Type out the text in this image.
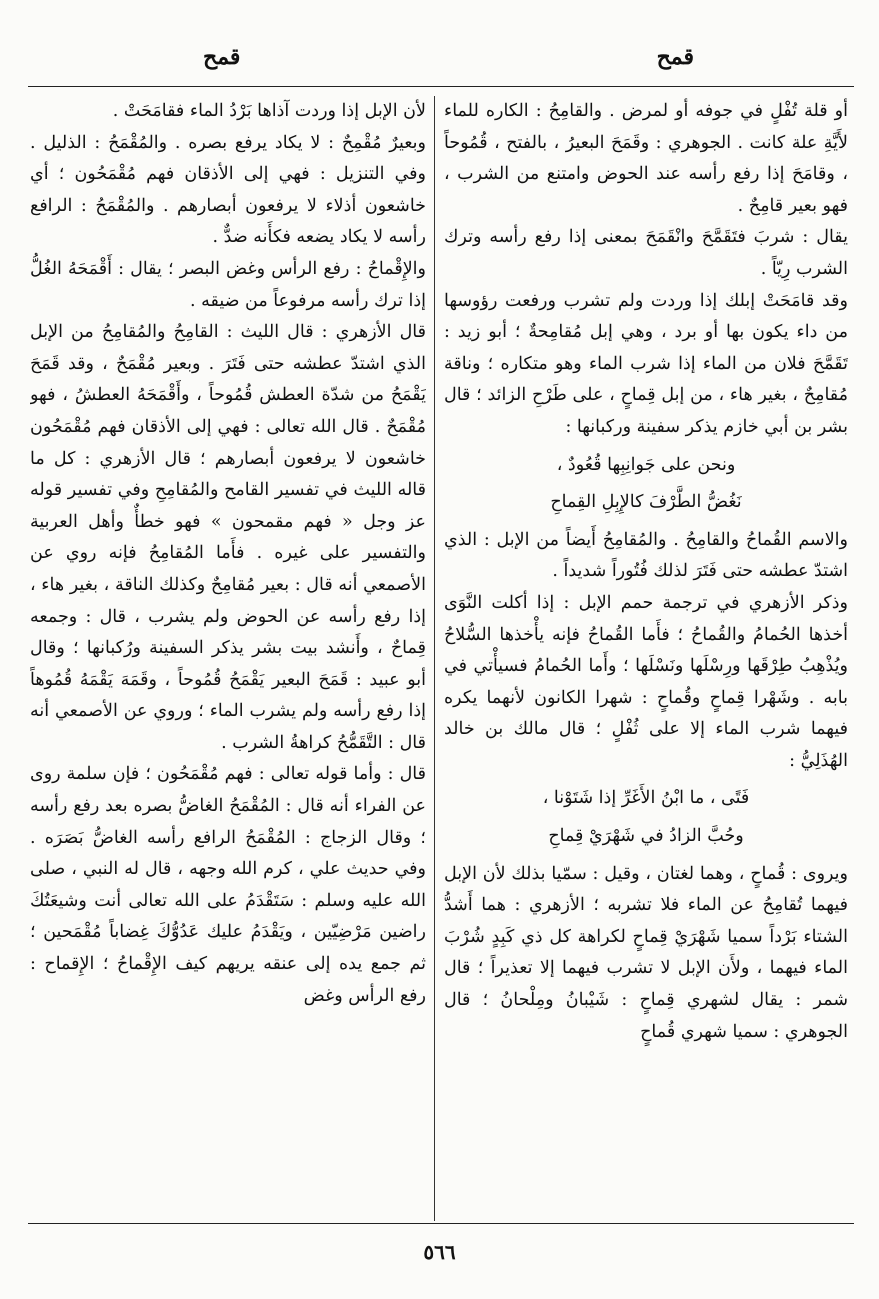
قمح
قمح

أو قلة تُفْلٍ في جوفه أو لمرض . والقامِحُ : الكاره للماء لأَيَّةِ علة كانت . الجوهري : وقَمَحَ البعيرُ ، بالفتح ، قُمُوحاً ، وقامَحَ إذا رفع رأسه عند الحوض وامتنع من الشرب ، فهو بعير قامِحٌ .

يقال : شربَ فتَقَمَّحَ وانْقَمَحَ بمعنى إذا رفع رأسه وترك الشرب رِيّاً .

وقد قامَحَتْ إبلك إذا وردت ولم تشرب ورفعت رؤوسها من داء يكون بها أو برد ، وهي إبل مُقامِحةٌ ؛ أبو زيد : تَقَمَّحَ فلان من الماء إذا شرب الماء وهو متكاره ؛ وناقة مُقامِحٌ ، بغير هاء ، من إبل قِماحٍ ، على طَرْحِ الزائد ؛ قال بشر بن أبي خازم يذكر سفينة وركبانها :

ونحن على جَوانِبِها قُعُودٌ ،

نَغُضُّ الطَّرْفَ كالإِبِلِ القِماحِ

والاسم القُماحُ والقامِحُ . والمُقامِحُ أَيضاً من الإبل : الذي اشتدّ عطشه حتى فَتَرَ لذلك فُتُوراً شديداً .

وذكر الأزهري في ترجمة حمم الإبل : إذا أكلت النَّوَى أخذها الحُمامُ والقُماحُ ؛ فأَما القُماحُ فإنه يأْخذها السُّلاحُ ويُذْهِبُ طِرْقَها ورِسْلَها ونَسْلَها ؛ وأَما الحُمامُ فسيأْتي في بابه . وشَهْرا قِماحٍ وقُماحٍ : شهرا الكانون لأنهما يكره فيهما شرب الماء إلا على ثُفْلٍ ؛ قال مالك بن خالد الهُذَلِيُّ :

فَتًى ، ما ابْنُ الأَغَرِّ إذا شَتَوْنا ،

وحُبَّ الزادُ في شَهْرَيْ قِماحِ

ويروى : قُماحٍ ، وهما لغتان ، وقيل : سمّيا بذلك لأن الإبل فيهما تُقامِحُ عن الماء فلا تشربه ؛ الأزهري : هما أَشدُّ الشتاء بَرْداً سميا شَهْرَيْ قِماحٍ لكراهة كل ذي كَبِدٍ شُرْبَ الماء فيهما ، ولأَن الإبل لا تشرب فيهما إلا تعذيراً ؛ قال شمر : يقال لشهري قِماحٍ : شَيْبانُ ومِلْحانُ ؛ قال الجوهري : سميا شهري قُماحٍ

لأن الإبل إذا وردت آذاها بَرْدُ الماء فقامَحَتْ .

وبعيرٌ مُقْمِحٌ : لا يكاد يرفع بصره . والمُقْمَحُ : الذليل . وفي التنزيل : فهي إلى الأذقان فهم مُقْمَحُون ؛ أي خاشعون أذلاء لا يرفعون أبصارهم . والمُقْمَحُ : الرافع رأسه لا يكاد يضعه فكأَنه ضدٌّ .

والإِقْماحُ : رفع الرأس وغض البصر ؛ يقال : أَقْمَحَهُ الغُلُّ إذا ترك رأسه مرفوعاً من ضيقه .

قال الأزهري : قال الليث : القامِحُ والمُقامِحُ من الإبل الذي اشتدّ عطشه حتى فَتَرَ . وبعير مُقْمَحٌ ، وقد قَمَحَ يَقْمَحُ من شدّة العطش قُمُوحاً ، وأَقْمَحَهُ العطشُ ، فهو مُقْمَحٌ . قال الله تعالى : فهي إلى الأذقان فهم مُقْمَحُون خاشعون لا يرفعون أبصارهم ؛ قال الأزهري : كل ما قاله الليث في تفسير القامح والمُقامِحِ وفي تفسير قوله عز وجل « فهم مقمحون » فهو خطأٌ وأهل العربية والتفسير على غيره . فأَما المُقامِحُ فإنه روي عن الأصمعي أنه قال : بعير مُقامِحٌ وكذلك الناقة ، بغير هاء ، إذا رفع رأسه عن الحوض ولم يشرب ، قال : وجمعه قِماحٌ ، وأَنشد بيت بشر يذكر السفينة ورُكبانها ؛ وقال أبو عبيد : قَمَحَ البعير يَقْمَحُ قُمُوحاً ، وقَمَهَ يَقْمَهُ قُمُوهاً إذا رفع رأسه ولم يشرب الماء ؛ وروي عن الأصمعي أنه قال : التَّقَمُّحُ كراهةُ الشرب .

قال : وأما قوله تعالى : فهم مُقْمَحُون ؛ فإن سلمة روى عن الفراء أنه قال : المُقْمَحُ الغاضُّ بصره بعد رفع رأسه ؛ وقال الزجاج : المُقْمَحُ الرافع رأسه الغاضُّ بَصَرَه . وفي حديث علي ، كرم الله وجهه ، قال له النبي ، صلى الله عليه وسلم : سَتَقْدَمُ على الله تعالى أنت وشيعَتُكَ راضين مَرْضِيّين ، ويَقْدَمُ عليك عَدُوُّكَ غِضاباً مُقْمَحين ؛ ثم جمع يده إلى عنقه يريهم كيف الإِقْماحُ ؛ الإِقماح : رفع الرأس وغض

٥٦٦
